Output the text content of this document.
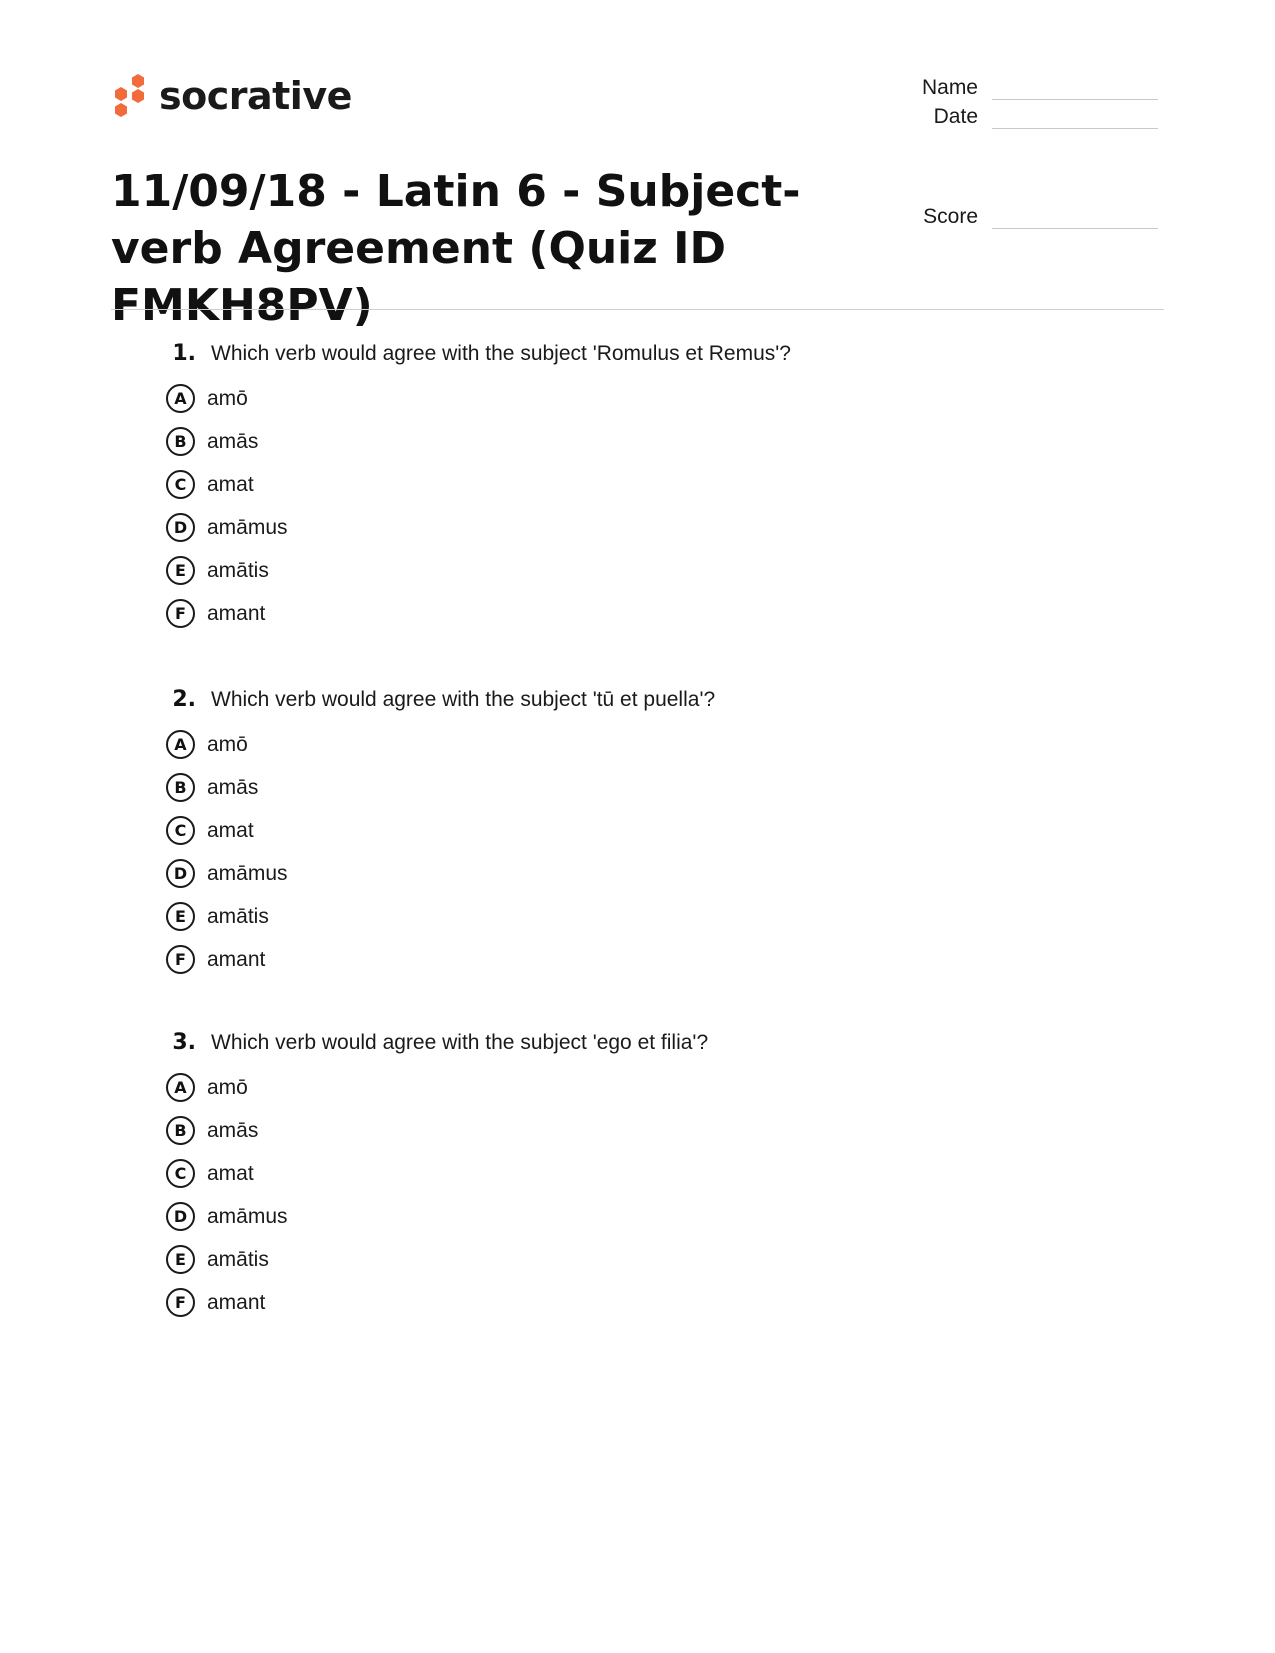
socrative
11/09/18 - Latin 6 - Subject-verb Agreement (Quiz ID FMKH8PV)
Name
Date
Score
1. Which verb would agree with the subject 'Romulus et Remus'?
A amō
B amās
C amat
D amāmus
E	amātis
F	amant
2. Which verb would agree with the subject 'tū et puella'?
A amō
B amās
C amat
D amāmus
E	amātis
F	amant
3. Which verb would agree with the subject 'ego et filia'?
A amō
B amās
C amat
D amāmus
E	amātis
F	amant
